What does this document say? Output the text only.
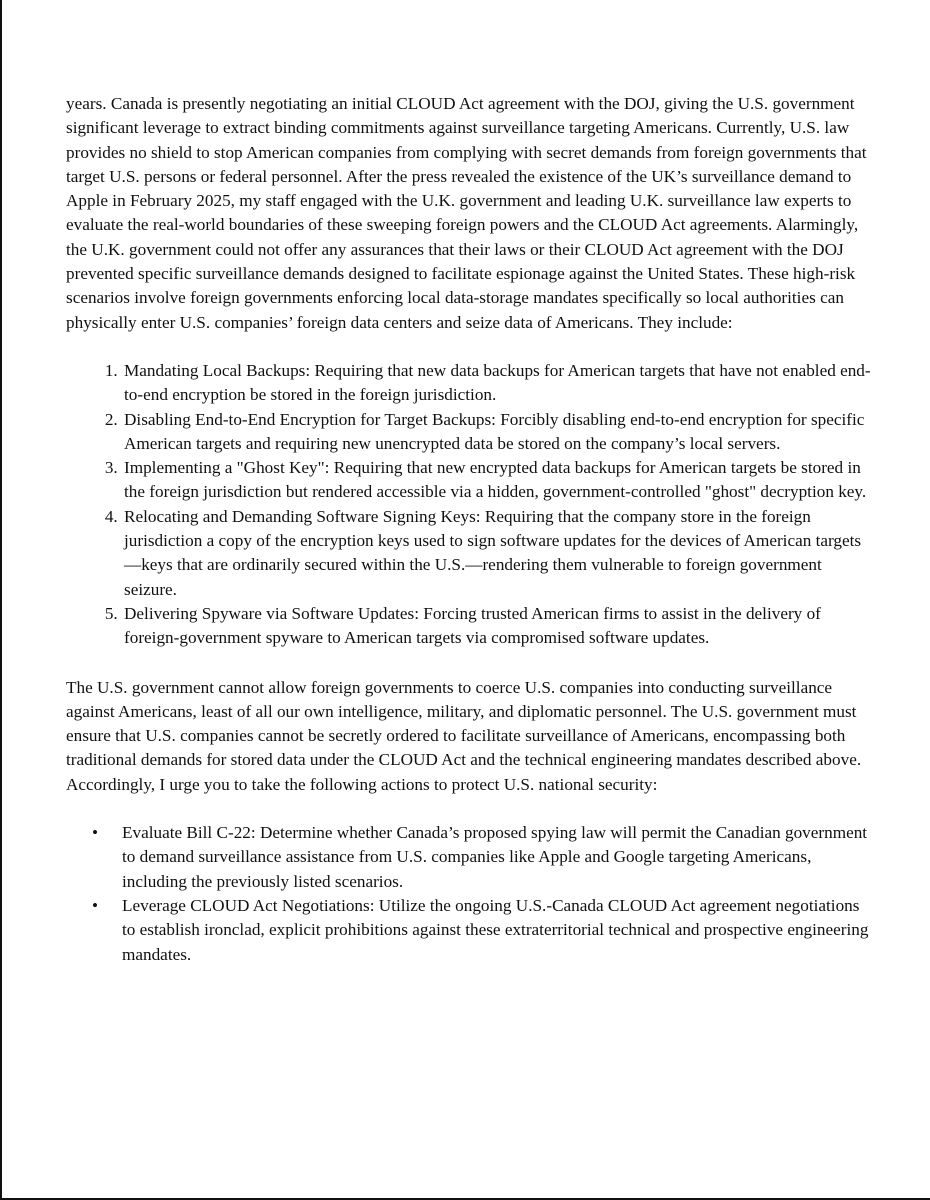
years. Canada is presently negotiating an initial CLOUD Act agreement with the DOJ, giving the U.S. government significant leverage to extract binding commitments against surveillance targeting Americans. Currently, U.S. law provides no shield to stop American companies from complying with secret demands from foreign governments that target U.S. persons or federal personnel. After the press revealed the existence of the UK’s surveillance demand to Apple in February 2025, my staff engaged with the U.K. government and leading U.K. surveillance law experts to evaluate the real-world boundaries of these sweeping foreign powers and the CLOUD Act agreements. Alarmingly, the U.K. government could not offer any assurances that their laws or their CLOUD Act agreement with the DOJ prevented specific surveillance demands designed to facilitate espionage against the United States. These high-risk scenarios involve foreign governments enforcing local data-storage mandates specifically so local authorities can physically enter U.S. companies’ foreign data centers and seize data of Americans. They include:

1. Mandating Local Backups: Requiring that new data backups for American targets that have not enabled end-to-end encryption be stored in the foreign jurisdiction.
2. Disabling End-to-End Encryption for Target Backups: Forcibly disabling end-to-end encryption for specific American targets and requiring new unencrypted data be stored on the company’s local servers.
3. Implementing a "Ghost Key": Requiring that new encrypted data backups for American targets be stored in the foreign jurisdiction but rendered accessible via a hidden, government-controlled "ghost" decryption key.
4. Relocating and Demanding Software Signing Keys: Requiring that the company store in the foreign jurisdiction a copy of the encryption keys used to sign software updates for the devices of American targets—keys that are ordinarily secured within the U.S.—rendering them vulnerable to foreign government seizure.
5. Delivering Spyware via Software Updates: Forcing trusted American firms to assist in the delivery of foreign-government spyware to American targets via compromised software updates.

The U.S. government cannot allow foreign governments to coerce U.S. companies into conducting surveillance against Americans, least of all our own intelligence, military, and diplomatic personnel. The U.S. government must ensure that U.S. companies cannot be secretly ordered to facilitate surveillance of Americans, encompassing both traditional demands for stored data under the CLOUD Act and the technical engineering mandates described above. Accordingly, I urge you to take the following actions to protect U.S. national security:

• Evaluate Bill C-22: Determine whether Canada’s proposed spying law will permit the Canadian government to demand surveillance assistance from U.S. companies like Apple and Google targeting Americans, including the previously listed scenarios.
• Leverage CLOUD Act Negotiations: Utilize the ongoing U.S.-Canada CLOUD Act agreement negotiations to establish ironclad, explicit prohibitions against these extraterritorial technical and prospective engineering mandates.
